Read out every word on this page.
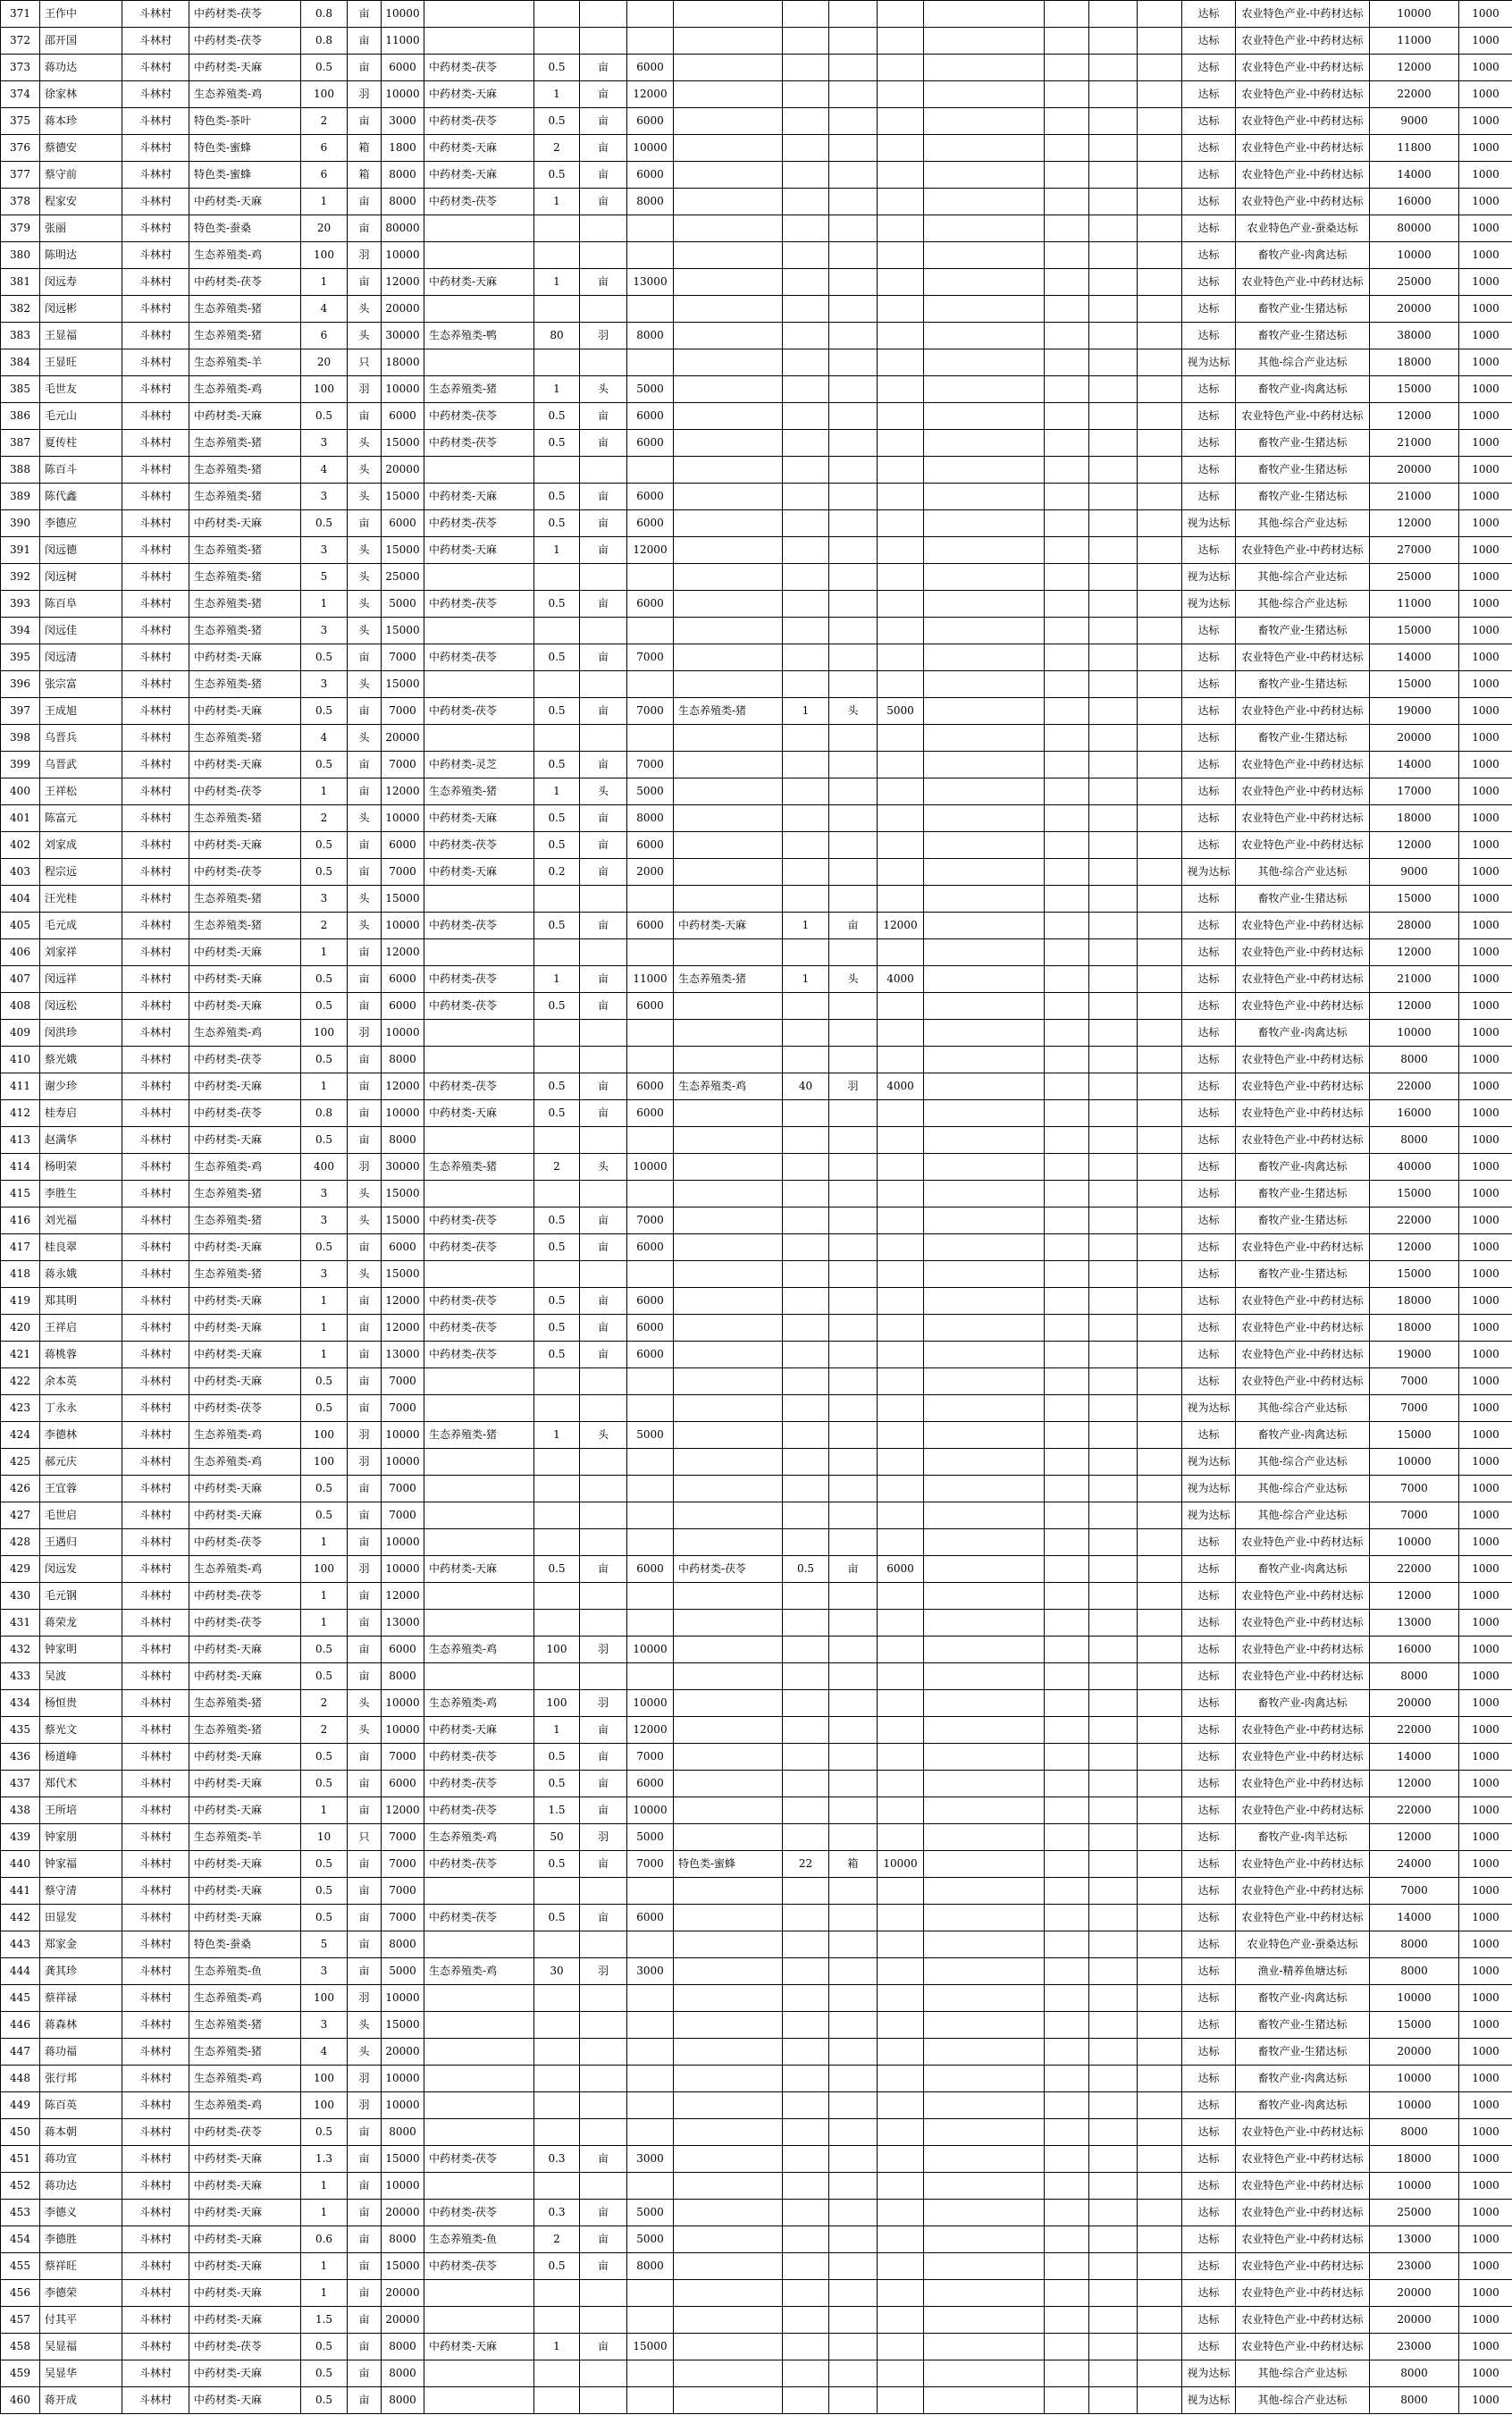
371	王作中	斗林村	中药材类-茯苓	0.8	亩	10000													达标	农业特色产业-中药材达标	10000	1000
372	邵开国	斗林村	中药材类-茯苓	0.8	亩	11000													达标	农业特色产业-中药材达标	11000	1000
373	蒋功达	斗林村	中药材类-天麻	0.5	亩	6000	中药材类-茯苓	0.5	亩	6000									达标	农业特色产业-中药材达标	12000	1000
374	徐家林	斗林村	生态养殖类-鸡	100	羽	10000	中药材类-天麻	1	亩	12000									达标	农业特色产业-中药材达标	22000	1000
375	蒋本珍	斗林村	特色类-茶叶	2	亩	3000	中药材类-茯苓	0.5	亩	6000									达标	农业特色产业-中药材达标	9000	1000
376	蔡德安	斗林村	特色类-蜜蜂	6	箱	1800	中药材类-天麻	2	亩	10000									达标	农业特色产业-中药材达标	11800	1000
377	蔡守前	斗林村	特色类-蜜蜂	6	箱	8000	中药材类-天麻	0.5	亩	6000									达标	农业特色产业-中药材达标	14000	1000
378	程家安	斗林村	中药材类-天麻	1	亩	8000	中药材类-茯苓	1	亩	8000									达标	农业特色产业-中药材达标	16000	1000
379	张丽	斗林村	特色类-蚕桑	20	亩	80000													达标	农业特色产业-蚕桑达标	80000	1000
380	陈明达	斗林村	生态养殖类-鸡	100	羽	10000													达标	畜牧产业-肉禽达标	10000	1000
381	闵远寿	斗林村	中药材类-茯苓	1	亩	12000	中药材类-天麻	1	亩	13000									达标	农业特色产业-中药材达标	25000	1000
382	闵远彬	斗林村	生态养殖类-猪	4	头	20000													达标	畜牧产业-生猪达标	20000	1000
383	王显福	斗林村	生态养殖类-猪	6	头	30000	生态养殖类-鸭	80	羽	8000									达标	畜牧产业-生猪达标	38000	1000
384	王显旺	斗林村	生态养殖类-羊	20	只	18000													视为达标	其他-综合产业达标	18000	1000
385	毛世友	斗林村	生态养殖类-鸡	100	羽	10000	生态养殖类-猪	1	头	5000									达标	畜牧产业-肉禽达标	15000	1000
386	毛元山	斗林村	中药材类-天麻	0.5	亩	6000	中药材类-茯苓	0.5	亩	6000									达标	农业特色产业-中药材达标	12000	1000
387	夏传柱	斗林村	生态养殖类-猪	3	头	15000	中药材类-茯苓	0.5	亩	6000									达标	畜牧产业-生猪达标	21000	1000
388	陈百斗	斗林村	生态养殖类-猪	4	头	20000													达标	畜牧产业-生猪达标	20000	1000
389	陈代鑫	斗林村	生态养殖类-猪	3	头	15000	中药材类-天麻	0.5	亩	6000									达标	畜牧产业-生猪达标	21000	1000
390	李德应	斗林村	中药材类-天麻	0.5	亩	6000	中药材类-茯苓	0.5	亩	6000									视为达标	其他-综合产业达标	12000	1000
391	闵远德	斗林村	生态养殖类-猪	3	头	15000	中药材类-天麻	1	亩	12000									达标	农业特色产业-中药材达标	27000	1000
392	闵远树	斗林村	生态养殖类-猪	5	头	25000													视为达标	其他-综合产业达标	25000	1000
393	陈百阜	斗林村	生态养殖类-猪	1	头	5000	中药材类-茯苓	0.5	亩	6000									视为达标	其他-综合产业达标	11000	1000
394	闵远佳	斗林村	生态养殖类-猪	3	头	15000													达标	畜牧产业-生猪达标	15000	1000
395	闵远清	斗林村	中药材类-天麻	0.5	亩	7000	中药材类-茯苓	0.5	亩	7000									达标	农业特色产业-中药材达标	14000	1000
396	张宗富	斗林村	生态养殖类-猪	3	头	15000													达标	畜牧产业-生猪达标	15000	1000
397	王成旭	斗林村	中药材类-天麻	0.5	亩	7000	中药材类-茯苓	0.5	亩	7000	生态养殖类-猪	1	头	5000					达标	农业特色产业-中药材达标	19000	1000
398	乌晋兵	斗林村	生态养殖类-猪	4	头	20000													达标	畜牧产业-生猪达标	20000	1000
399	乌晋武	斗林村	中药材类-天麻	0.5	亩	7000	中药材类-灵芝	0.5	亩	7000									达标	农业特色产业-中药材达标	14000	1000
400	王祥松	斗林村	中药材类-茯苓	1	亩	12000	生态养殖类-猪	1	头	5000									达标	农业特色产业-中药材达标	17000	1000
401	陈富元	斗林村	生态养殖类-猪	2	头	10000	中药材类-天麻	0.5	亩	8000									达标	农业特色产业-中药材达标	18000	1000
402	刘家成	斗林村	中药材类-天麻	0.5	亩	6000	中药材类-茯苓	0.5	亩	6000									达标	农业特色产业-中药材达标	12000	1000
403	程宗远	斗林村	中药材类-茯苓	0.5	亩	7000	中药材类-天麻	0.2	亩	2000									视为达标	其他-综合产业达标	9000	1000
404	汪光桂	斗林村	生态养殖类-猪	3	头	15000													达标	畜牧产业-生猪达标	15000	1000
405	毛元成	斗林村	生态养殖类-猪	2	头	10000	中药材类-茯苓	0.5	亩	6000	中药材类-天麻	1	亩	12000					达标	农业特色产业-中药材达标	28000	1000
406	刘家祥	斗林村	中药材类-天麻	1	亩	12000													达标	农业特色产业-中药材达标	12000	1000
407	闵远祥	斗林村	中药材类-天麻	0.5	亩	6000	中药材类-茯苓	1	亩	11000	生态养殖类-猪	1	头	4000					达标	农业特色产业-中药材达标	21000	1000
408	闵远松	斗林村	中药材类-天麻	0.5	亩	6000	中药材类-茯苓	0.5	亩	6000									达标	农业特色产业-中药材达标	12000	1000
409	闵洪珍	斗林村	生态养殖类-鸡	100	羽	10000													达标	畜牧产业-肉禽达标	10000	1000
410	蔡光娥	斗林村	中药材类-茯苓	0.5	亩	8000													达标	农业特色产业-中药材达标	8000	1000
411	谢少珍	斗林村	中药材类-天麻	1	亩	12000	中药材类-茯苓	0.5	亩	6000	生态养殖类-鸡	40	羽	4000					达标	农业特色产业-中药材达标	22000	1000
412	桂寿启	斗林村	中药材类-茯苓	0.8	亩	10000	中药材类-天麻	0.5	亩	6000									达标	农业特色产业-中药材达标	16000	1000
413	赵满华	斗林村	中药材类-天麻	0.5	亩	8000													达标	农业特色产业-中药材达标	8000	1000
414	杨明荣	斗林村	生态养殖类-鸡	400	羽	30000	生态养殖类-猪	2	头	10000									达标	畜牧产业-肉禽达标	40000	1000
415	李胜生	斗林村	生态养殖类-猪	3	头	15000													达标	畜牧产业-生猪达标	15000	1000
416	刘光福	斗林村	生态养殖类-猪	3	头	15000	中药材类-茯苓	0.5	亩	7000									达标	畜牧产业-生猪达标	22000	1000
417	桂良翠	斗林村	中药材类-天麻	0.5	亩	6000	中药材类-茯苓	0.5	亩	6000									达标	农业特色产业-中药材达标	12000	1000
418	蒋永娥	斗林村	生态养殖类-猪	3	头	15000													达标	畜牧产业-生猪达标	15000	1000
419	郑其明	斗林村	中药材类-天麻	1	亩	12000	中药材类-茯苓	0.5	亩	6000									达标	农业特色产业-中药材达标	18000	1000
420	王祥启	斗林村	中药材类-天麻	1	亩	12000	中药材类-茯苓	0.5	亩	6000									达标	农业特色产业-中药材达标	18000	1000
421	蒋桃蓉	斗林村	中药材类-天麻	1	亩	13000	中药材类-茯苓	0.5	亩	6000									达标	农业特色产业-中药材达标	19000	1000
422	余本英	斗林村	中药材类-天麻	0.5	亩	7000													达标	农业特色产业-中药材达标	7000	1000
423	丁永永	斗林村	中药材类-茯苓	0.5	亩	7000													视为达标	其他-综合产业达标	7000	1000
424	李德林	斗林村	生态养殖类-鸡	100	羽	10000	生态养殖类-猪	1	头	5000									达标	畜牧产业-肉禽达标	15000	1000
425	郝元庆	斗林村	生态养殖类-鸡	100	羽	10000													视为达标	其他-综合产业达标	10000	1000
426	王宜蓉	斗林村	中药材类-天麻	0.5	亩	7000													视为达标	其他-综合产业达标	7000	1000
427	毛世启	斗林村	中药材类-天麻	0.5	亩	7000													视为达标	其他-综合产业达标	7000	1000
428	王遇归	斗林村	中药材类-茯苓	1	亩	10000													达标	农业特色产业-中药材达标	10000	1000
429	闵远发	斗林村	生态养殖类-鸡	100	羽	10000	中药材类-天麻	0.5	亩	6000	中药材类-茯苓	0.5	亩	6000					达标	畜牧产业-肉禽达标	22000	1000
430	毛元钢	斗林村	中药材类-茯苓	1	亩	12000													达标	农业特色产业-中药材达标	12000	1000
431	蒋荣龙	斗林村	中药材类-茯苓	1	亩	13000													达标	农业特色产业-中药材达标	13000	1000
432	钟家明	斗林村	中药材类-天麻	0.5	亩	6000	生态养殖类-鸡	100	羽	10000									达标	农业特色产业-中药材达标	16000	1000
433	吴波	斗林村	中药材类-天麻	0.5	亩	8000													达标	农业特色产业-中药材达标	8000	1000
434	杨恒贵	斗林村	生态养殖类-猪	2	头	10000	生态养殖类-鸡	100	羽	10000									达标	畜牧产业-肉禽达标	20000	1000
435	蔡光文	斗林村	生态养殖类-猪	2	头	10000	中药材类-天麻	1	亩	12000									达标	农业特色产业-中药材达标	22000	1000
436	杨道峰	斗林村	中药材类-天麻	0.5	亩	7000	中药材类-茯苓	0.5	亩	7000									达标	农业特色产业-中药材达标	14000	1000
437	郑代术	斗林村	中药材类-天麻	0.5	亩	6000	中药材类-茯苓	0.5	亩	6000									达标	农业特色产业-中药材达标	12000	1000
438	王所培	斗林村	中药材类-天麻	1	亩	12000	中药材类-茯苓	1.5	亩	10000									达标	农业特色产业-中药材达标	22000	1000
439	钟家朋	斗林村	生态养殖类-羊	10	只	7000	生态养殖类-鸡	50	羽	5000									达标	畜牧产业-肉羊达标	12000	1000
440	钟家福	斗林村	中药材类-天麻	0.5	亩	7000	中药材类-茯苓	0.5	亩	7000	特色类-蜜蜂	22	箱	10000					达标	农业特色产业-中药材达标	24000	1000
441	蔡守清	斗林村	中药材类-天麻	0.5	亩	7000													达标	农业特色产业-中药材达标	7000	1000
442	田显发	斗林村	中药材类-天麻	0.5	亩	7000	中药材类-茯苓	0.5	亩	6000									达标	农业特色产业-中药材达标	14000	1000
443	郑家金	斗林村	特色类-蚕桑	5	亩	8000													达标	农业特色产业-蚕桑达标	8000	1000
444	龚其珍	斗林村	生态养殖类-鱼	3	亩	5000	生态养殖类-鸡	30	羽	3000									达标	渔业-精养鱼塘达标	8000	1000
445	蔡祥禄	斗林村	生态养殖类-鸡	100	羽	10000													达标	畜牧产业-肉禽达标	10000	1000
446	蒋森林	斗林村	生态养殖类-猪	3	头	15000													达标	畜牧产业-生猪达标	15000	1000
447	蒋功福	斗林村	生态养殖类-猪	4	头	20000													达标	畜牧产业-生猪达标	20000	1000
448	张行邦	斗林村	生态养殖类-鸡	100	羽	10000													达标	畜牧产业-肉禽达标	10000	1000
449	陈百英	斗林村	生态养殖类-鸡	100	羽	10000													达标	畜牧产业-肉禽达标	10000	1000
450	蒋本朝	斗林村	中药材类-茯苓	0.5	亩	8000													达标	农业特色产业-中药材达标	8000	1000
451	蒋功宣	斗林村	中药材类-天麻	1.3	亩	15000	中药材类-茯苓	0.3	亩	3000									达标	农业特色产业-中药材达标	18000	1000
452	蒋功达	斗林村	中药材类-天麻	1	亩	10000													达标	农业特色产业-中药材达标	10000	1000
453	李德义	斗林村	中药材类-天麻	1	亩	20000	中药材类-茯苓	0.3	亩	5000									达标	农业特色产业-中药材达标	25000	1000
454	李德胜	斗林村	中药材类-天麻	0.6	亩	8000	生态养殖类-鱼	2	亩	5000									达标	农业特色产业-中药材达标	13000	1000
455	蔡祥旺	斗林村	中药材类-天麻	1	亩	15000	中药材类-茯苓	0.5	亩	8000									达标	农业特色产业-中药材达标	23000	1000
456	李德荣	斗林村	中药材类-天麻	1	亩	20000													达标	农业特色产业-中药材达标	20000	1000
457	付其平	斗林村	中药材类-天麻	1.5	亩	20000													达标	农业特色产业-中药材达标	20000	1000
458	吴显福	斗林村	中药材类-茯苓	0.5	亩	8000	中药材类-天麻	1	亩	15000									达标	农业特色产业-中药材达标	23000	1000
459	吴显华	斗林村	中药材类-天麻	0.5	亩	8000													视为达标	其他-综合产业达标	8000	1000
460	蒋开成	斗林村	中药材类-天麻	0.5	亩	8000													视为达标	其他-综合产业达标	8000	1000
